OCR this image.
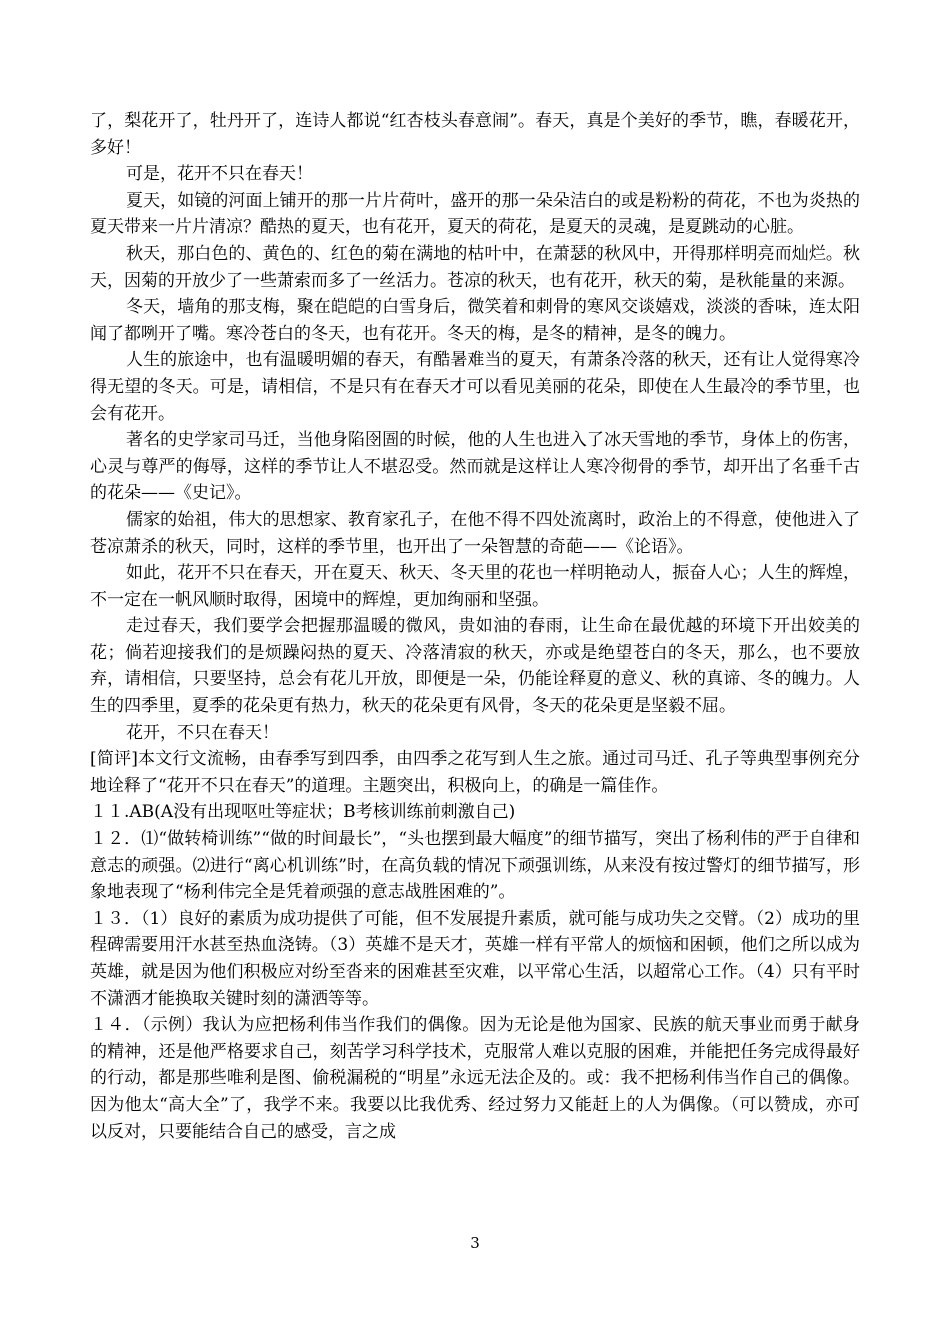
了，梨花开了，牡丹开了，连诗人都说“红杏枝头春意闹”。春天，真是个美好的季节，瞧，春暖花开，多好！

可是，花开不只在春天！

夏天，如镜的河面上铺开的那一片片荷叶，盛开的那一朵朵洁白的或是粉粉的荷花，不也为炎热的夏天带来一片片清凉？酷热的夏天，也有花开，夏天的荷花，是夏天的灵魂，是夏跳动的心脏。

秋天，那白色的、黄色的、红色的菊在满地的枯叶中，在萧瑟的秋风中，开得那样明亮而灿烂。秋天，因菊的开放少了一些萧索而多了一丝活力。苍凉的秋天，也有花开，秋天的菊，是秋能量的来源。

冬天，墙角的那支梅，聚在皑皑的白雪身后，微笑着和刺骨的寒风交谈嬉戏，淡淡的香味，连太阳闻了都咧开了嘴。寒冷苍白的冬天，也有花开。冬天的梅，是冬的精神，是冬的魄力。

人生的旅途中，也有温暖明媚的春天，有酷暑难当的夏天，有萧条冷落的秋天，还有让人觉得寒冷得无望的冬天。可是，请相信，不是只有在春天才可以看见美丽的花朵，即使在人生最冷的季节里，也会有花开。

著名的史学家司马迁，当他身陷囹圄的时候，他的人生也进入了冰天雪地的季节，身体上的伤害，心灵与尊严的侮辱，这样的季节让人不堪忍受。然而就是这样让人寒冷彻骨的季节，却开出了名垂千古的花朵——《史记》。

儒家的始祖，伟大的思想家、教育家孔子，在他不得不四处流离时，政治上的不得意，使他进入了苍凉萧杀的秋天，同时，这样的季节里，也开出了一朵智慧的奇葩——《论语》。

如此，花开不只在春天，开在夏天、秋天、冬天里的花也一样明艳动人，振奋人心；人生的辉煌，不一定在一帆风顺时取得，困境中的辉煌，更加绚丽和坚强。

走过春天，我们要学会把握那温暖的微风，贵如油的春雨，让生命在最优越的环境下开出姣美的花；倘若迎接我们的是烦躁闷热的夏天、冷落清寂的秋天，亦或是绝望苍白的冬天，那么，也不要放弃，请相信，只要坚持，总会有花儿开放，即便是一朵，仍能诠释夏的意义、秋的真谛、冬的魄力。人生的四季里，夏季的花朵更有热力，秋天的花朵更有风骨，冬天的花朵更是坚毅不屈。

花开，不只在春天！

[简评]本文行文流畅，由春季写到四季，由四季之花写到人生之旅。通过司马迁、孔子等典型事例充分地诠释了“花开不只在春天”的道理。主题突出，积极向上，的确是一篇佳作。

１１.AB(A没有出现呕吐等症状；B考核训练前刺激自己)

１２．⑴“做转椅训练”“做的时间最长”，“头也摆到最大幅度”的细节描写，突出了杨利伟的严于自律和意志的顽强。⑵进行“离心机训练”时，在高负载的情况下顽强训练，从来没有按过警灯的细节描写，形象地表现了“杨利伟完全是凭着顽强的意志战胜困难的”。

１３．（1）良好的素质为成功提供了可能，但不发展提升素质，就可能与成功失之交臂。（2）成功的里程碑需要用汗水甚至热血浇铸。（3）英雄不是天才，英雄一样有平常人的烦恼和困顿，他们之所以成为英雄，就是因为他们积极应对纷至沓来的困难甚至灾难，以平常心生活，以超常心工作。（4）只有平时不潇洒才能换取关键时刻的潇洒等等。

１４．（示例）我认为应把杨利伟当作我们的偶像。因为无论是他为国家、民族的航天事业而勇于献身的精神，还是他严格要求自己，刻苦学习科学技术，克服常人难以克服的困难，并能把任务完成得最好的行动，都是那些唯利是图、偷税漏税的“明星”永远无法企及的。或：我不把杨利伟当作自己的偶像。因为他太“高大全”了，我学不来。我要以比我优秀、经过努力又能赶上的人为偶像。（可以赞成，亦可以反对，只要能结合自己的感受，言之成

3
